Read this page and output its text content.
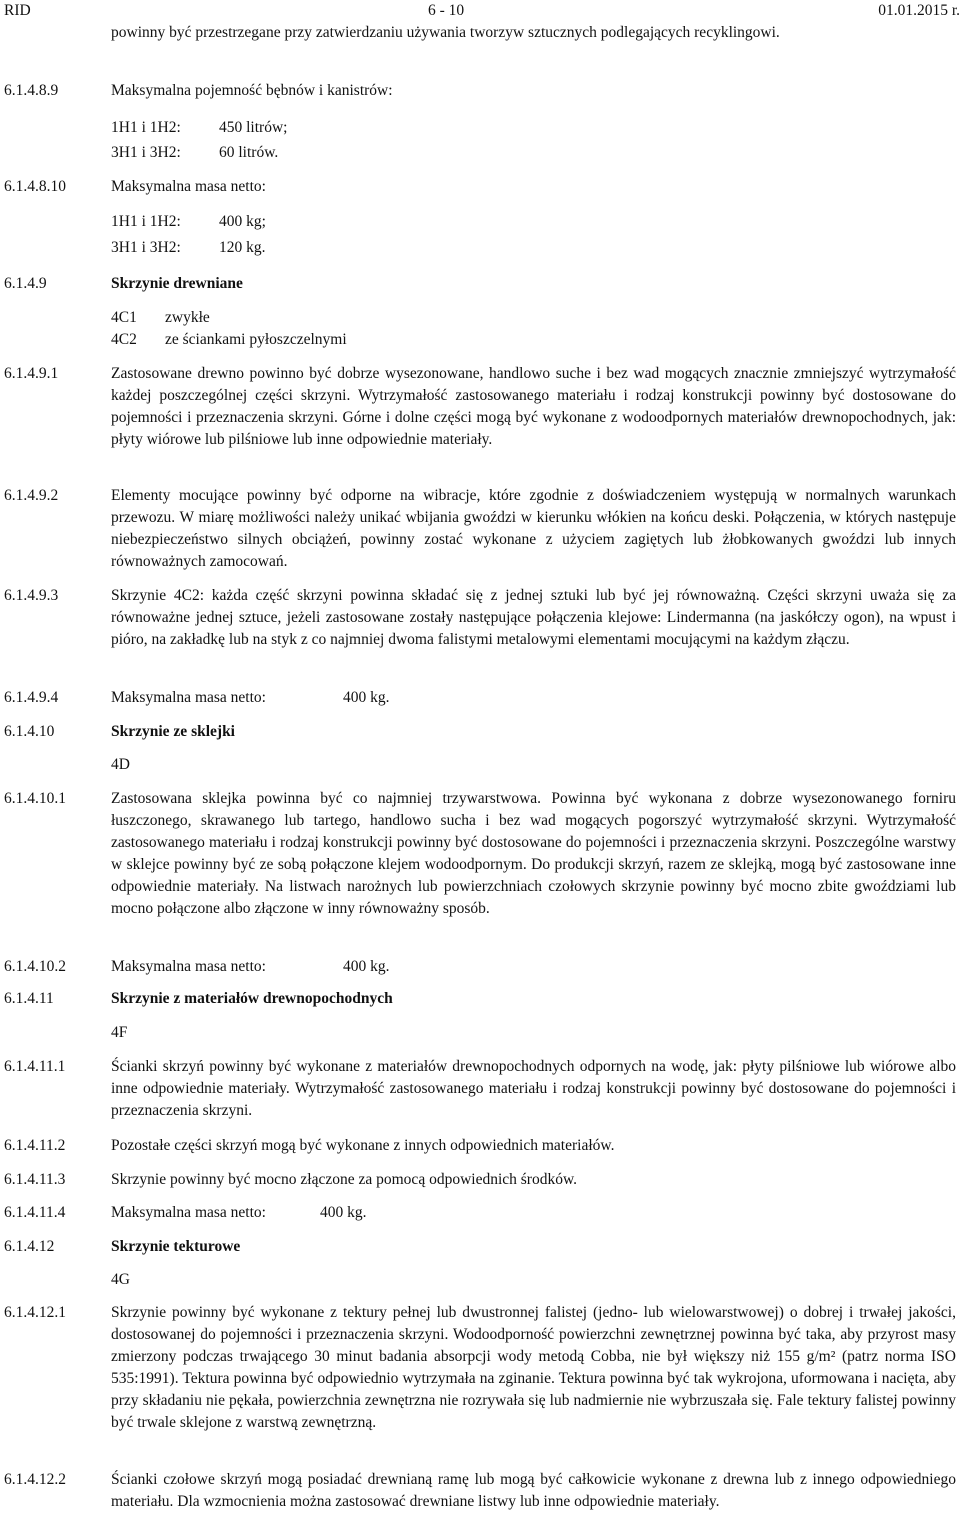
RID	6 - 10	01.01.2015 r.
powinny być przestrzegane przy zatwierdzaniu używania tworzyw sztucznych podlegających recyklingowi.
6.1.4.8.9	Maksymalna pojemność bębnów i kanistrów:
1H1 i 1H2: 450 litrów;
3H1 i 3H2: 60 litrów.
6.1.4.8.10	Maksymalna masa netto:
1H1 i 1H2: 400 kg;
3H1 i 3H2: 120 kg.
6.1.4.9	Skrzynie drewniane
4C1 zwykłe
4C2 ze ściankami pyłoszczelnymi
6.1.4.9.1	Zastosowane drewno powinno być dobrze wysezonowane, handlowo suche i bez wad mogących znacznie zmniejszyć wytrzymałość każdej poszczególnej części skrzyni. Wytrzymałość zastosowanego materiału i rodzaj konstrukcji powinny być dostosowane do pojemności i przeznaczenia skrzyni. Górne i dolne części mogą być wykonane z wodoodpornych materiałów drewnopochodnych, jak: płyty wiórowe lub pilśniowe lub inne odpowiednie materiały.
6.1.4.9.2	Elementy mocujące powinny być odporne na wibracje, które zgodnie z doświadczeniem występują w normalnych warunkach przewozu. W miarę możliwości należy unikać wbijania gwoździ w kierunku włókien na końcu deski. Połączenia, w których następuje niebezpieczeństwo silnych obciążeń, powinny zostać wykonane z użyciem zagiętych lub żłobkowanych gwoździ lub innych równoważnych zamocowań.
6.1.4.9.3	Skrzynie 4C2: każda część skrzyni powinna składać się z jednej sztuki lub być jej równoważną. Części skrzyni uważa się za równoważne jednej sztuce, jeżeli zastosowane zostały następujące połączenia klejowe: Lindermanna (na jaskółczy ogon), na wpust i pióro, na zakładkę lub na styk z co najmniej dwoma falistymi metalowymi elementami mocującymi na każdym złączu.
6.1.4.9.4	Maksymalna masa netto:	400 kg.
6.1.4.10	Skrzynie ze sklejki
4D
6.1.4.10.1	Zastosowana sklejka powinna być co najmniej trzywarstwowa. Powinna być wykonana z dobrze wysezonowanego forniru łuszczonego, skrawanego lub tartego, handlowo sucha i bez wad mogących pogorszyć wytrzymałość skrzyni. Wytrzymałość zastosowanego materiału i rodzaj konstrukcji powinny być dostosowane do pojemności i przeznaczenia skrzyni. Poszczególne warstwy w sklejce powinny być ze sobą połączone klejem wodoodpornym. Do produkcji skrzyń, razem ze sklejką, mogą być zastosowane inne odpowiednie materiały. Na listwach narożnych lub powierzchniach czołowych skrzynie powinny być mocno zbite gwoździami lub mocno połączone albo złączone w inny równoważny sposób.
6.1.4.10.2	Maksymalna masa netto:	400 kg.
6.1.4.11	Skrzynie z materiałów drewnopochodnych
4F
6.1.4.11.1	Ścianki skrzyń powinny być wykonane z materiałów drewnopochodnych odpornych na wodę, jak: płyty pilśniowe lub wiórowe albo inne odpowiednie materiały. Wytrzymałość zastosowanego materiału i rodzaj konstrukcji powinny być dostosowane do pojemności i przeznaczenia skrzyni.
6.1.4.11.2	Pozostałe części skrzyń mogą być wykonane z innych odpowiednich materiałów.
6.1.4.11.3	Skrzynie powinny być mocno złączone za pomocą odpowiednich środków.
6.1.4.11.4	Maksymalna masa netto:	400 kg.
6.1.4.12	Skrzynie tekturowe
4G
6.1.4.12.1	Skrzynie powinny być wykonane z tektury pełnej lub dwustronnej falistej (jedno- lub wielowarstwowej) o dobrej i trwałej jakości, dostosowanej do pojemności i przeznaczenia skrzyni. Wodoodporność powierzchni zewnętrznej powinna być taka, aby przyrost masy zmierzony podczas trwającego 30 minut badania absorpcji wody metodą Cobba, nie był większy niż 155 g/m² (patrz norma ISO 535:1991). Tektura powinna być odpowiednio wytrzymała na zginanie. Tektura powinna być tak wykrojona, uformowana i nacięta, aby przy składaniu nie pękała, powierzchnia zewnętrzna nie rozrywała się lub nadmiernie nie wybrzuszała się. Fale tektury falistej powinny być trwale sklejone z warstwą zewnętrzną.
6.1.4.12.2	Ścianki czołowe skrzyń mogą posiadać drewnianą ramę lub mogą być całkowicie wykonane z drewna lub z innego odpowiedniego materiału. Dla wzmocnienia można zastosować drewniane listwy lub inne odpowiednie materiały.
